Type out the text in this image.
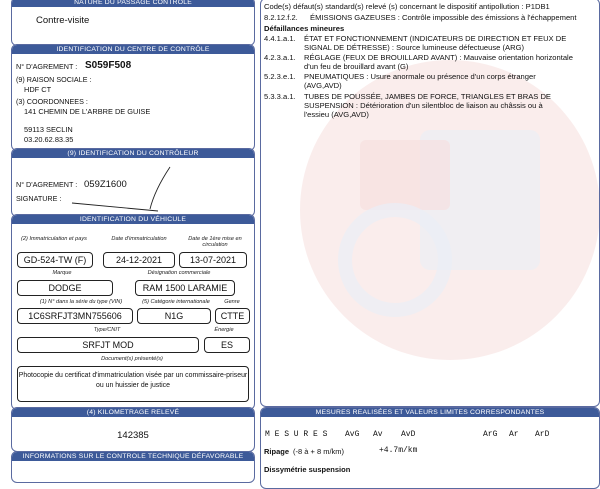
NATURE DU PASSAGE CONTROLE
Contre-visite
IDENTIFICATION DU CENTRE DE CONTRÔLE
N° D'AGREMENT : S059F508
(9) RAISON SOCIALE :
HDF CT
(3) COORDONNEES :
141 CHEMIN DE L'ARBRE DE GUISE
59113 SECLIN
03.20.62.83.35
(9) IDENTIFICATION DU CONTRÔLEUR
N° D'AGREMENT : 059Z1600
SIGNATURE :
IDENTIFICATION DU VÉHICULE
(2) Immatriculation et pays	Date d'immatriculation	Date de 1ère mise en circulation
GD-524-TW (F)	24-12-2021	13-07-2021
Marque	Désignation commerciale
DODGE	RAM 1500 LARAMIE
(1) N° dans la série du type (VIN)	(5) Catégorie internationale	Genre
1C6SRFJT3MN755606	N1G	CTTE
Type/CNIT	Énergie
SRFJT MOD	ES
Document(s) présenté(s)
Photocopie du certificat d'immatriculation visée par un commissaire-priseur ou un huissier de justice
(4) KILOMETRAGE RELEVÉ
142385
INFORMATIONS SUR LE CONTROLE TECHNIQUE DÉFAVORABLE
Code(s) défaut(s) standard(s) relevé (s) concernant le dispositif antipollution : P1DB1
8.2.12.f.2. ÉMISSIONS GAZEUSES : Contrôle impossible des émissions à l'échappement
Défaillances mineures
4.4.1.a.1. ÉTAT ET FONCTIONNEMENT (INDICATEURS DE DIRECTION ET FEUX DE
SIGNAL DE DÉTRESSE) : Source lumineuse défectueuse (ARG)
4.2.3.a.1. RÉGLAGE (FEUX DE BROUILLARD AVANT) : Mauvaise orientation horizontale
d'un feu de brouillard avant (G)
5.2.3.e.1. PNEUMATIQUES : Usure anormale ou présence d'un corps étranger
(AVG,AVD)
5.3.3.a.1. TUBES DE POUSSÉE, JAMBES DE FORCE, TRIANGLES ET BRAS DE
SUSPENSION : Détérioration d'un silentbloc de liaison au châssis ou à
l'essieu (AVG,AVD)
MESURES REALISÉES ET VALEURS LIMITES CORRESPONDANTES
M E S U R E S AvG Av AvD	ArG Ar ArD
Ripage (-8 à + 8 m/km)	+4.7m/km
Dissymétrie suspension
